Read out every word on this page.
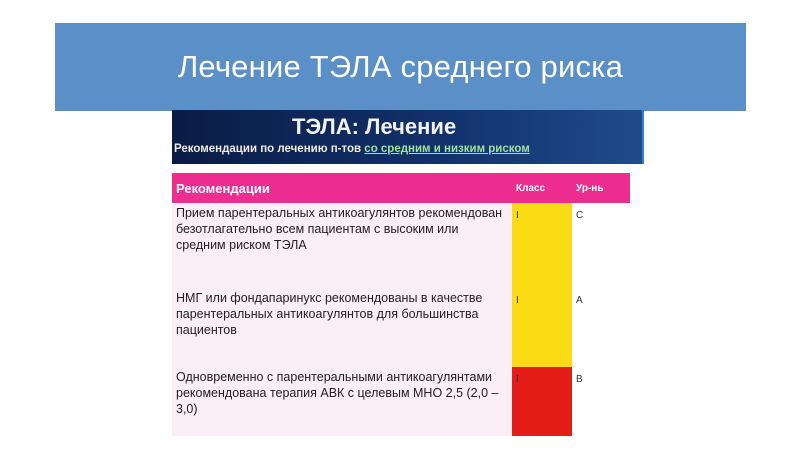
Лечение ТЭЛА среднего риска
ТЭЛА: Лечение
Рекомендации по лечению п-тов со средним и низким риском
Рекомендации	Класс	Ур-нь
Прием парентеральных антикоагулянтов рекомендован безотлагательно всем пациентам с высоким или средним риском ТЭЛА	I	C
НМГ или фондапаринукс рекомендованы в качестве парентеральных антикоагулянтов для большинства пациентов	I	A
Одновременно с парентеральными антикоагулянтами рекомендована терапия АВК с целевым МНО 2,5 (2,0 – 3,0)	I	B
